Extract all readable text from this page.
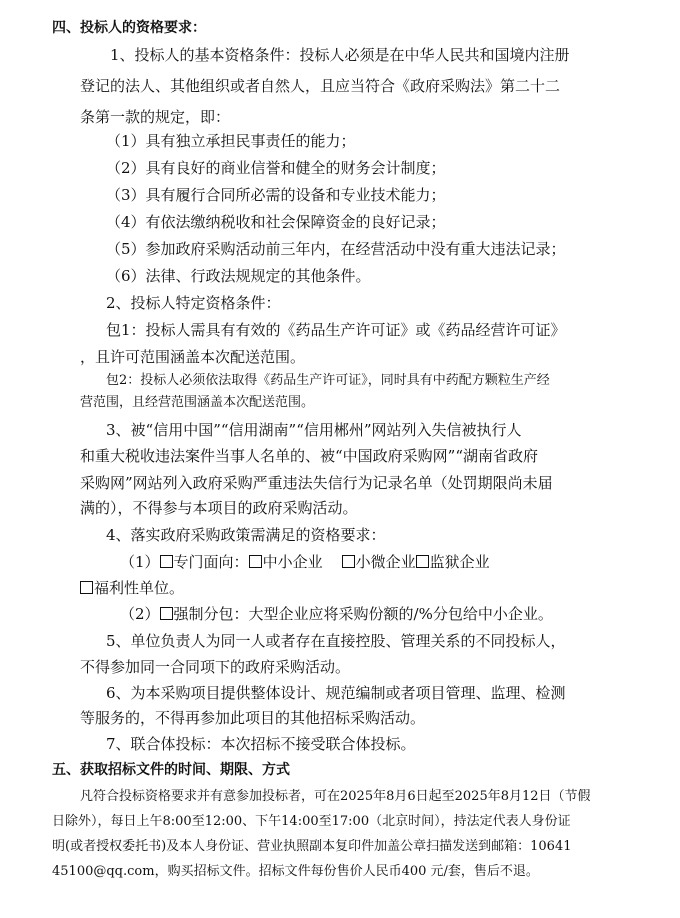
四、投标人的资格要求：
1、投标人的基本资格条件：投标人必须是在中华人民共和国境内注册
登记的法人、其他组织或者自然人，且应当符合《政府采购法》第二十二
条第一款的规定，即：
（1）具有独立承担民事责任的能力；
（2）具有良好的商业信誉和健全的财务会计制度；
（3）具有履行合同所必需的设备和专业技术能力；
（4）有依法缴纳税收和社会保障资金的良好记录；
（5）参加政府采购活动前三年内，在经营活动中没有重大违法记录；
（6）法律、行政法规规定的其他条件。
2、投标人特定资格条件：
包1：投标人需具有有效的《药品生产许可证》或《药品经营许可证》
，且许可范围涵盖本次配送范围。
包2：投标人必须依法取得《药品生产许可证》，同时具有中药配方颗粒生产经
营范围，且经营范围涵盖本次配送范围。
3、被“信用中国”“信用湖南”“信用郴州”网站列入失信被执行人
和重大税收违法案件当事人名单的、被“中国政府采购网”“湖南省政府
采购网”网站列入政府采购严重违法失信行为记录名单（处罚期限尚未届
满的），不得参与本项目的政府采购活动。
4、落实政府采购政策需满足的资格要求：
（1） 专门面向： 中小企业 小微企业 监狱企业
福利性单位。
（2） 强制分包：大型企业应将采购份额的/%分包给中小企业。
5、单位负责人为同一人或者存在直接控股、管理关系的不同投标人，
不得参加同一合同项下的政府采购活动。
6、为本采购项目提供整体设计、规范编制或者项目管理、监理、检测
等服务的，不得再参加此项目的其他招标采购活动。
7、联合体投标：本次招标不接受联合体投标。
五、获取招标文件的时间、期限、方式
凡符合投标资格要求并有意参加投标者，可在2025年8月6日起至2025年8月12日（节假
日除外），每日上午8:00至12:00、下午14:00至17:00（北京时间），持法定代表人身份证
明(或者授权委托书)及本人身份证、营业执照副本复印件加盖公章扫描发送到邮箱：10641
45100@qq.com，购买招标文件。招标文件每份售价人民币400 元/套，售后不退。
